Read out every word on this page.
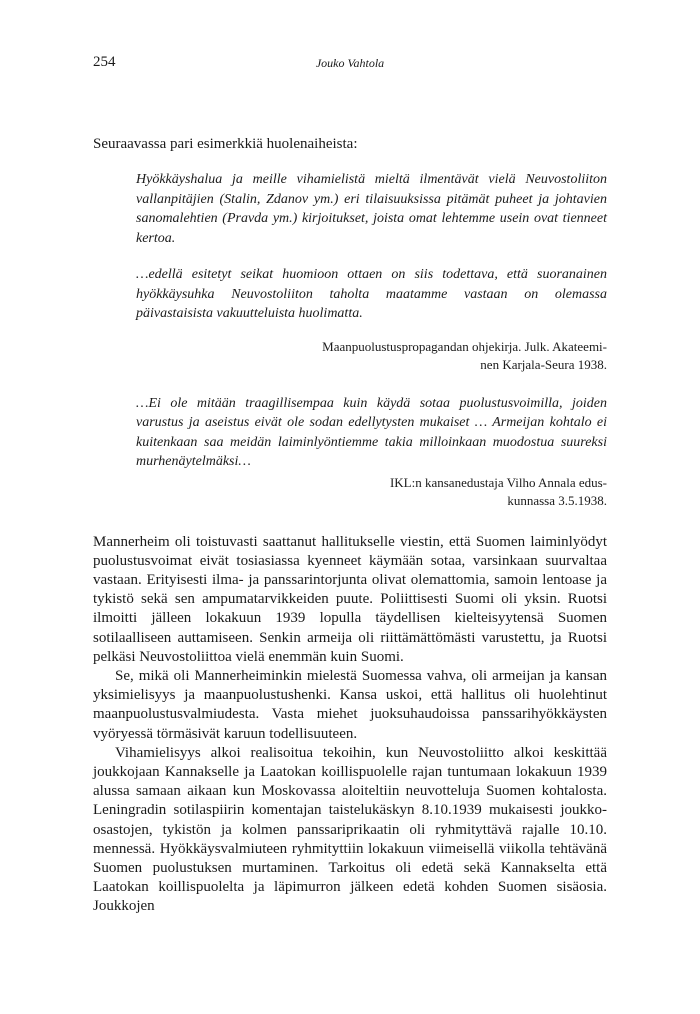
254	Jouko Vahtola

Seuraavassa pari esimerkkiä huolenaiheista:

Hyökkäyshalua ja meille vihamielistä mieltä ilmentävät vielä Neuvostoliiton vallanpitäjien (Stalin, Zdanov ym.) eri tilaisuuksissa pitämät puheet ja johtavien sanomalehtien (Pravda ym.) kirjoitukset, joista omat lehtemme usein ovat tienneet kertoa.

…edellä esitetyt seikat huomioon ottaen on siis todettava, että suoranainen hyökkäysuhka Neuvostoliiton taholta maatamme vastaan on olemassa päivastaisista vakuutteluista huolimatta.

Maanpuolustuspropagandan ohjekirja. Julk. Akateemi-
nen Karjala-Seura 1938.

…Ei ole mitään traagillisempaa kuin käydä sotaa puolustusvoimilla, joiden varustus ja aseistus eivät ole sodan edellytysten mukaiset … Armeijan kohtalo ei kuitenkaan saa meidän laiminlyöntiemme takia milloinkaan muodostua suureksi murhenäytelmäksi…

IKL:n kansanedustaja Vilho Annala edus-
kunnassa 3.5.1938.

Mannerheim oli toistuvasti saattanut hallitukselle viestin, että Suomen laiminlyödyt puolustusvoimat eivät tosiasiassa kyenneet käymään sotaa, varsinkaan suurvaltaa vastaan. Erityisesti ilma- ja panssarintorjunta olivat olemattomia, samoin lentoase ja tykistö sekä sen ampumatarvikkeiden puute. Poliittisesti Suomi oli yksin. Ruotsi ilmoitti jälleen lokakuun 1939 lopulla täydellisen kielteisyytensä Suomen sotilaalliseen auttamiseen. Senkin armeija oli riittämättömästi varustettu, ja Ruotsi pelkäsi Neuvostoliittoa vielä enemmän kuin Suomi.

Se, mikä oli Mannerheiminkin mielestä Suomessa vahva, oli armeijan ja kansan yksimielisyys ja maanpuolustushenki. Kansa uskoi, että hallitus oli huolehtinut maanpuolustusvalmiudesta. Vasta miehet juoksuhaudoissa panssarihyökkäysten vyöryessä törmäsivät karuun todellisuuteen.

Vihamielisyys alkoi realisoitua tekoihin, kun Neuvostoliitto alkoi keskittää joukkojaan Kannakselle ja Laatokan koillispuolelle rajan tuntumaan lokakuun 1939 alussa samaan aikaan kun Moskovassa aloiteltiin neuvotteluja Suomen kohtalosta. Leningradin sotilaspiirin komentajan taistelukäskyn 8.10.1939 mukaisesti joukko-osastojen, tykistön ja kolmen panssariprikaatin oli ryhmityttävä rajalle 10.10. mennessä. Hyökkäysvalmiuteen ryhmityttiin lokakuun viimeisellä viikolla tehtävänä Suomen puolustuksen murtaminen. Tarkoitus oli edetä sekä Kannakselta että Laatokan koillispuolelta ja läpimurron jälkeen edetä kohden Suomen sisäosia. Joukkojen
